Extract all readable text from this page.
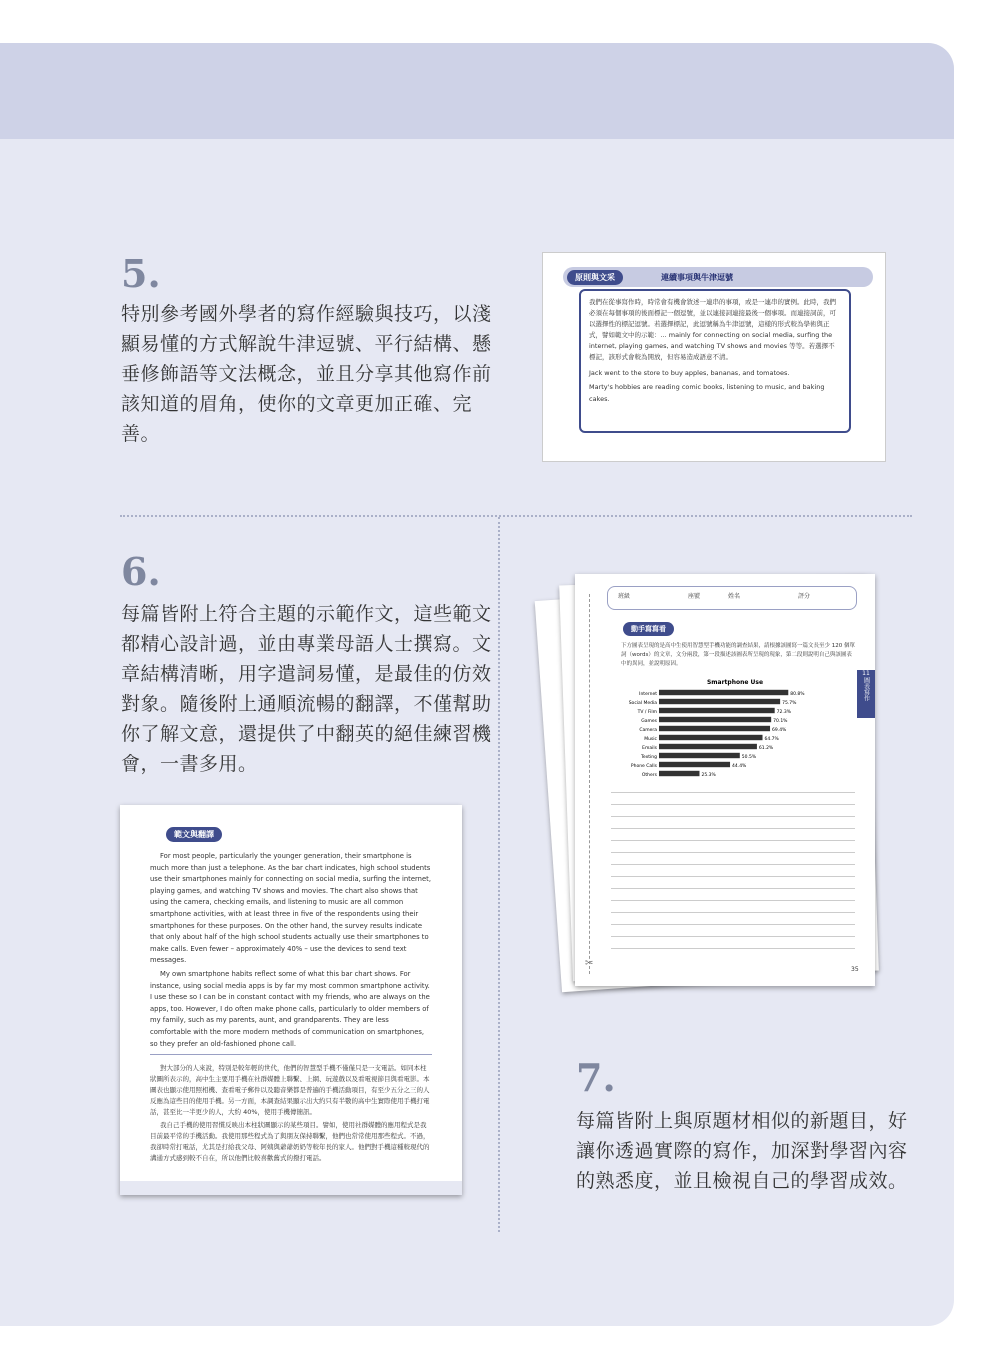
5.
特別參考國外學者的寫作經驗與技巧，以淺
顯易懂的方式解說牛津逗號、平行結構、懸
垂修飾語等文法概念，並且分享其他寫作前
該知道的眉角，使你的文章更加正確、完善。
原則與文采	連續事項與牛津逗號
我們在從事寫作時，時常會有機會敘述一連串的事項，或是一連串的實例。此時，我們必須在每個事項的後面標記一個逗號，並以連接詞連接最後一個事項。而連接詞前，可以選擇性的標記逗號。若選擇標記，此逗號稱為牛津逗號，這樣的形式較為學術與正式，譬如範文中的示範：... mainly for connecting on social media, surfing the internet, playing games, and watching TV shows and movies 等等。若選擇不標記，該形式會較為開放，但容易造成語意不清。
Jack went to the store to buy apples, bananas, and tomatoes.
Marty's hobbies are reading comic books, listening to music, and baking cakes.
6.
每篇皆附上符合主題的示範作文，這些範文
都精心設計過，並由專業母語人士撰寫。文
章結構清晰，用字遣詞易懂，是最佳的仿效
對象。隨後附上通順流暢的翻譯，不僅幫助
你了解文意，還提供了中翻英的絕佳練習機
會，一書多用。
範文與翻譯
For most people, particularly the younger generation, their smartphone is much more than just a telephone. As the bar chart indicates, high school students use their smartphones mainly for connecting on social media, surfing the internet, playing games, and watching TV shows and movies. The chart also shows that using the camera, checking emails, and listening to music are all common smartphone activities, with at least three in five of the respondents using their smartphones for these purposes. On the other hand, the survey results indicate that only about half of the high school students actually use their smartphones to make calls. Even fewer – approximately 40% – use the devices to send text messages.
My own smartphone habits reflect some of what this bar chart shows. For instance, using social media apps is by far my most common smartphone activity. I use these so I can be in constant contact with my friends, who are always on the apps, too. However, I do often make phone calls, particularly to older members of my family, such as my parents, aunt, and grandparents. They are less comfortable with the more modern methods of communication on smartphones, so they prefer an old-fashioned phone call.
對大部分的人來說，特別是較年輕的世代，他們的智慧型手機不僅僅只是一支電話。如同本柱狀圖所表示的，高中生主要用手機在社群媒體上聯繫、上網、玩遊戲以及看電視節目與看電影。本圖表也顯示使用照相機、查看電子郵件以及聽音樂都是普遍的手機活動項目，有至少五分之三的人反應為這些目的使用手機。另一方面，本調查結果顯示出大約只有半數的高中生實際使用手機打電話，甚至比一半更少的人，大約 40%，使用手機傳簡訊。
我自己手機的使用習慣反映出本柱狀圖顯示的某些項目。譬如，使用社群媒體的應用程式是我目前最平常的手機活動。我使用那些程式為了與朋友保持聯繫，他們也常常使用那些程式。不過，我卻時常打電話，尤其是打給我父母、阿姨與爺爺奶奶等較年長的家人。他們對手機這種較現代的溝通方式感到較不自在，所以他們比較喜歡舊式的撥打電話。
班級	座號	姓名	評分
動手寫寫看
下方圖表呈現的是高中生使用智慧型手機功能的調查結果，請根據該圖寫一篇文長至少 120 個單詞（words）的文章，文分兩段，第一段描述該圖表所呈現的現象，第二段則說明自己與該圖表中的異同，並說明原因。
11
圖表寫作
Smartphone Use
Internet	80.8%
Social Media	75.7%
TV / Film	72.3%
Games	70.1%
Camera	69.4%
Music	64.7%
Emails	61.2%
Texting	50.5%
Phone Calls	44.4%
Others	25.3%
✂
35
7.
每篇皆附上與原題材相似的新題目，好
讓你透過實際的寫作，加深對學習內容
的熟悉度，並且檢視自己的學習成效。
